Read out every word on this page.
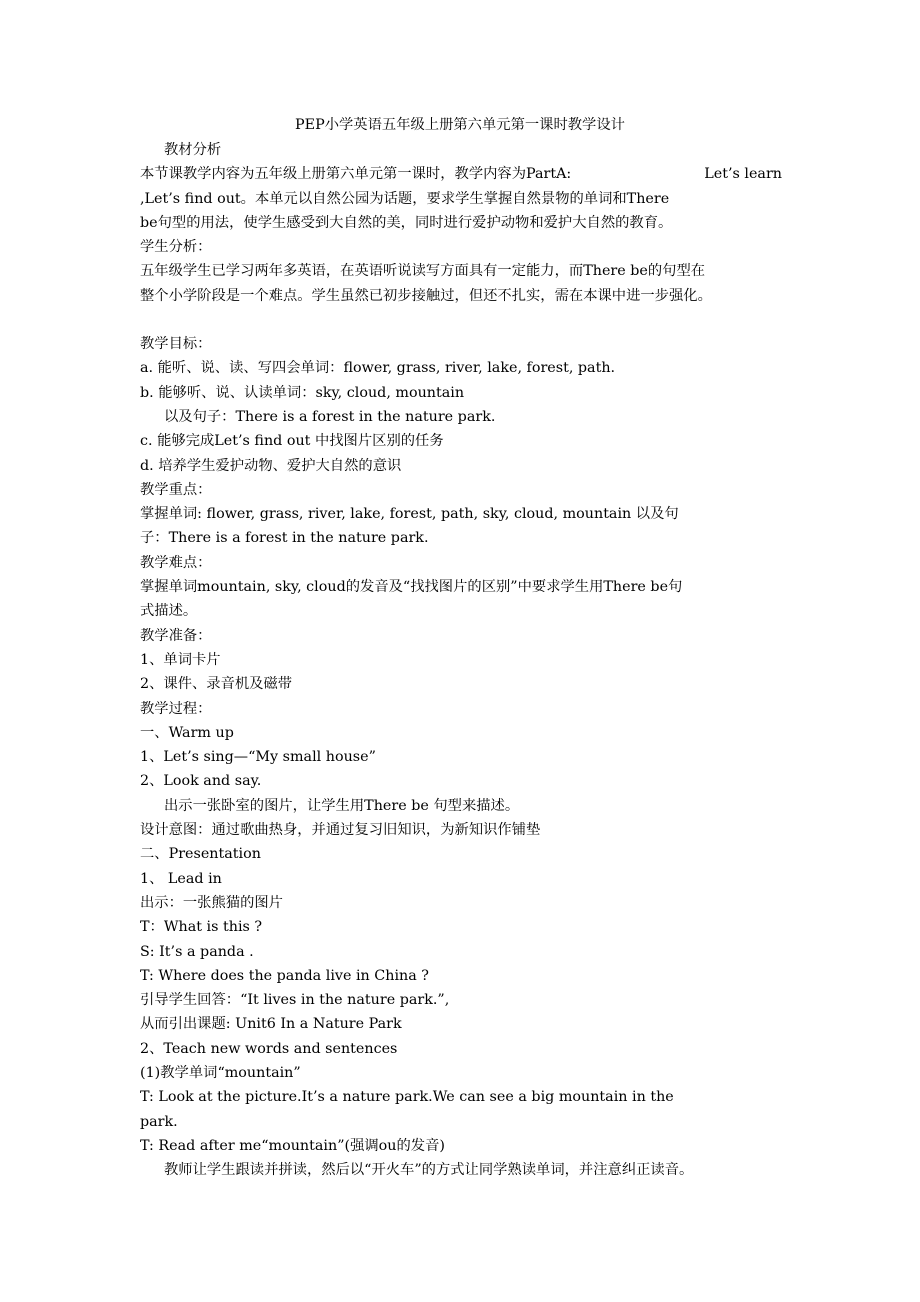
PEP小学英语五年级上册第六单元第一课时教学设计
教材分析
本节课教学内容为五年级上册第六单元第一课时，教学内容为PartA:	Let’s learn
,Let’s find out。本单元以自然公园为话题，要求学生掌握自然景物的单词和There
be句型的用法，使学生感受到大自然的美，同时进行爱护动物和爱护大自然的教育。
学生分析：
五年级学生已学习两年多英语，在英语听说读写方面具有一定能力，而There be的句型在
整个小学阶段是一个难点。学生虽然已初步接触过，但还不扎实，需在本课中进一步强化。
教学目标：
a. 能听、说、读、写四会单词：flower, grass, river, lake, forest, path.
b. 能够听、说、认读单词：sky, cloud, mountain
以及句子：There is a forest in the nature park.
c. 能够完成Let’s find out 中找图片区别的任务
d. 培养学生爱护动物、爱护大自然的意识
教学重点：
掌握单词: flower, grass, river, lake, forest, path, sky, cloud, mountain 以及句
子：There is a forest in the nature park.
教学难点：
掌握单词mountain, sky, cloud的发音及“找找图片的区别”中要求学生用There be句
式描述。
教学准备：
1、单词卡片
2、课件、录音机及磁带
教学过程：
一、Warm up
1、Let’s sing—“My small house”
2、Look and say.
出示一张卧室的图片，让学生用There be 句型来描述。
设计意图：通过歌曲热身，并通过复习旧知识，为新知识作铺垫
二、Presentation
1、 Lead in
出示：一张熊猫的图片
T：What is this ?
S: It’s a panda .
T: Where does the panda live in China ?
引导学生回答：“It lives in the nature park.”,
从而引出课题: Unit6 In a Nature Park
2、Teach new words and sentences
(1)教学单词“mountain”
T: Look at the picture.It’s a nature park.We can see a big mountain in the
park.
T: Read after me“mountain”(强调ou的发音)
教师让学生跟读并拼读，然后以“开火车”的方式让同学熟读单词，并注意纠正读音。
